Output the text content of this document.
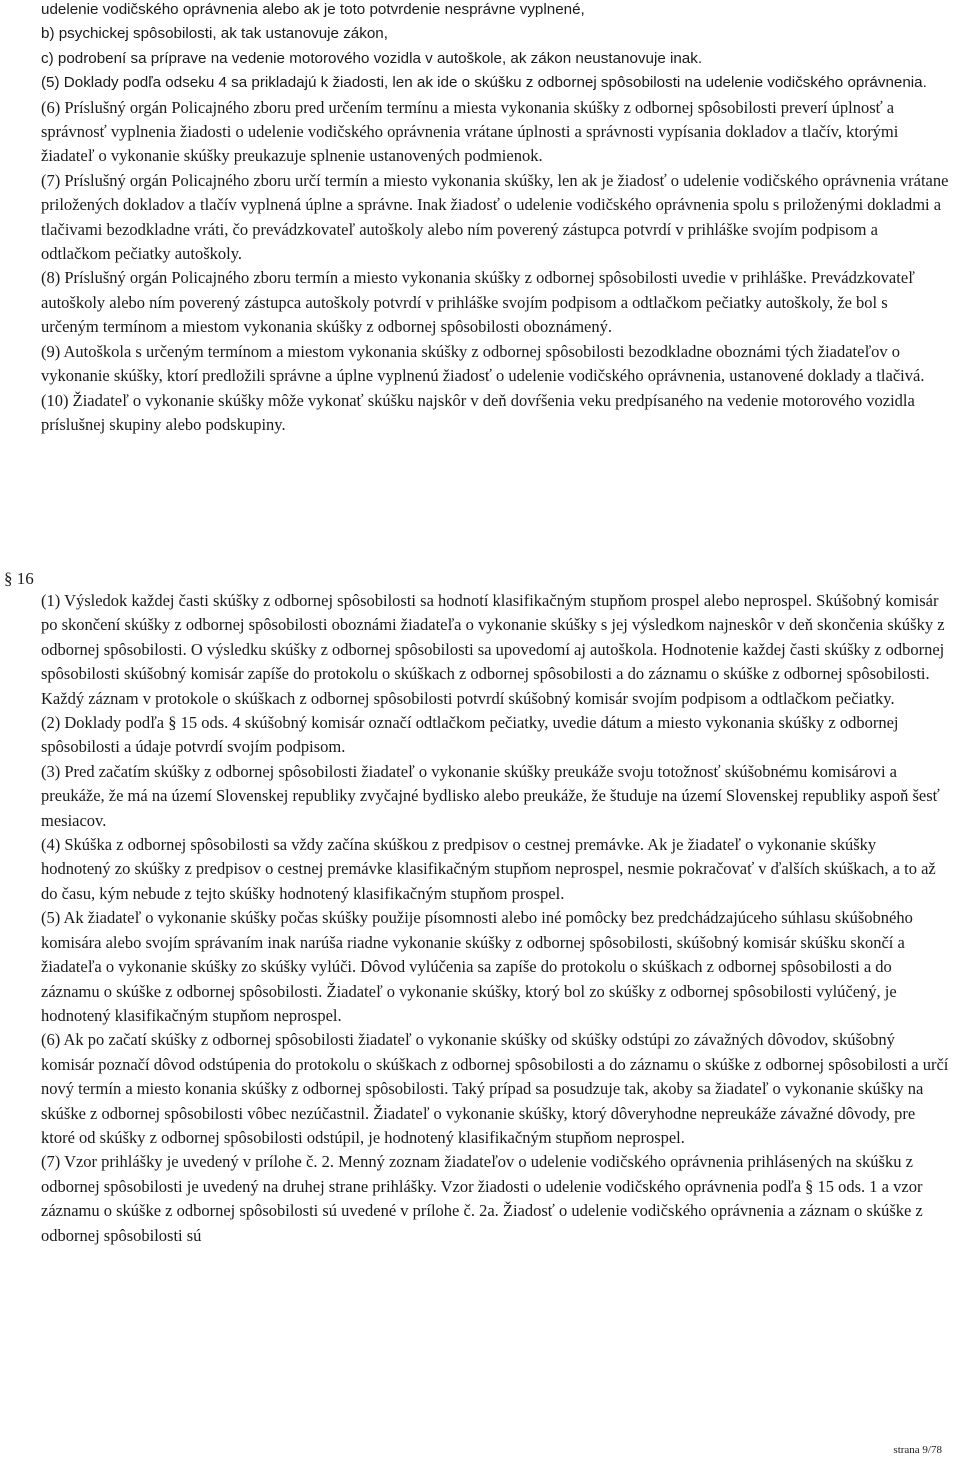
udelenie vodičského oprávnenia alebo ak je toto potvrdenie nesprávne vyplnené,

b) psychickej spôsobilosti, ak tak ustanovuje zákon,

c) podrobení sa príprave na vedenie motorového vozidla v autoškole, ak zákon neustanovuje inak.

(5) Doklady podľa odseku 4 sa prikladajú k žiadosti, len ak ide o skúšku z odbornej spôsobilosti na udelenie vodičského oprávnenia.

(6) Príslušný orgán Policajného zboru pred určením termínu a miesta vykonania skúšky z odbornej spôsobilosti preverí úplnosť a správnosť vyplnenia žiadosti o udelenie vodičského oprávnenia vrátane úplnosti a správnosti vypísania dokladov a tlačív, ktorými žiadateľ o vykonanie skúšky preukazuje splnenie ustanovených podmienok.

(7) Príslušný orgán Policajného zboru určí termín a miesto vykonania skúšky, len ak je žiadosť o udelenie vodičského oprávnenia vrátane priložených dokladov a tlačív vyplnená úplne a správne. Inak žiadosť o udelenie vodičského oprávnenia spolu s priloženými dokladmi a tlačivami bezodkladne vráti, čo prevádzkovateľ autoškoly alebo ním poverený zástupca potvrdí v prihláške svojím podpisom a odtlačkom pečiatky autoškoly.

(8) Príslušný orgán Policajného zboru termín a miesto vykonania skúšky z odbornej spôsobilosti uvedie v prihláške. Prevádzkovateľ autoškoly alebo ním poverený zástupca autoškoly potvrdí v prihláške svojím podpisom a odtlačkom pečiatky autoškoly, že bol s určeným termínom a miestom vykonania skúšky z odbornej spôsobilosti oboznámený.

(9) Autoškola s určeným termínom a miestom vykonania skúšky z odbornej spôsobilosti bezodkladne oboznámi tých žiadateľov o vykonanie skúšky, ktorí predložili správne a úplne vyplnenú žiadosť o udelenie vodičského oprávnenia, ustanovené doklady a tlačivá.

(10) Žiadateľ o vykonanie skúšky môže vykonať skúšku najskôr v deň dovŕšenia veku predpísaného na vedenie motorového vozidla príslušnej skupiny alebo podskupiny.

§ 16

(1) Výsledok každej časti skúšky z odbornej spôsobilosti sa hodnotí klasifikačným stupňom prospel alebo neprospel. Skúšobný komisár po skončení skúšky z odbornej spôsobilosti oboznámi žiadateľa o vykonanie skúšky s jej výsledkom najneskôr v deň skončenia skúšky z odbornej spôsobilosti. O výsledku skúšky z odbornej spôsobilosti sa upovedomí aj autoškola. Hodnotenie každej časti skúšky z odbornej spôsobilosti skúšobný komisár zapíše do protokolu o skúškach z odbornej spôsobilosti a do záznamu o skúške z odbornej spôsobilosti. Každý záznam v protokole o skúškach z odbornej spôsobilosti potvrdí skúšobný komisár svojím podpisom a odtlačkom pečiatky.

(2) Doklady podľa § 15 ods. 4 skúšobný komisár označí odtlačkom pečiatky, uvedie dátum a miesto vykonania skúšky z odbornej spôsobilosti a údaje potvrdí svojím podpisom.

(3) Pred začatím skúšky z odbornej spôsobilosti žiadateľ o vykonanie skúšky preukáže svoju totožnosť skúšobnému komisárovi a preukáže, že má na území Slovenskej republiky zvyčajné bydlisko alebo preukáže, že študuje na území Slovenskej republiky aspoň šesť mesiacov.

(4) Skúška z odbornej spôsobilosti sa vždy začína skúškou z predpisov o cestnej premávke. Ak je žiadateľ o vykonanie skúšky hodnotený zo skúšky z predpisov o cestnej premávke klasifikačným stupňom neprospel, nesmie pokračovať v ďalších skúškach, a to až do času, kým nebude z tejto skúšky hodnotený klasifikačným stupňom prospel.

(5) Ak žiadateľ o vykonanie skúšky počas skúšky použije písomnosti alebo iné pomôcky bez predchádzajúceho súhlasu skúšobného komisára alebo svojím správaním inak narúša riadne vykonanie skúšky z odbornej spôsobilosti, skúšobný komisár skúšku skončí a žiadateľa o vykonanie skúšky zo skúšky vylúči. Dôvod vylúčenia sa zapíše do protokolu o skúškach z odbornej spôsobilosti a do záznamu o skúške z odbornej spôsobilosti. Žiadateľ o vykonanie skúšky, ktorý bol zo skúšky z odbornej spôsobilosti vylúčený, je hodnotený klasifikačným stupňom neprospel.

(6) Ak po začatí skúšky z odbornej spôsobilosti žiadateľ o vykonanie skúšky od skúšky odstúpi zo závažných dôvodov, skúšobný komisár poznačí dôvod odstúpenia do protokolu o skúškach z odbornej spôsobilosti a do záznamu o skúške z odbornej spôsobilosti a určí nový termín a miesto konania skúšky z odbornej spôsobilosti. Taký prípad sa posudzuje tak, akoby sa žiadateľ o vykonanie skúšky na skúške z odbornej spôsobilosti vôbec nezúčastnil. Žiadateľ o vykonanie skúšky, ktorý dôveryhodne nepreukáže závažné dôvody, pre ktoré od skúšky z odbornej spôsobilosti odstúpil, je hodnotený klasifikačným stupňom neprospel.

(7) Vzor prihlášky je uvedený v prílohe č. 2. Menný zoznam žiadateľov o udelenie vodičského oprávnenia prihlásených na skúšku z odbornej spôsobilosti je uvedený na druhej strane prihlášky. Vzor žiadosti o udelenie vodičského oprávnenia podľa § 15 ods. 1 a vzor záznamu o skúške z odbornej spôsobilosti sú uvedené v prílohe č. 2a. Žiadosť o udelenie vodičského oprávnenia a záznam o skúške z odbornej spôsobilosti sú

strana 9/78
